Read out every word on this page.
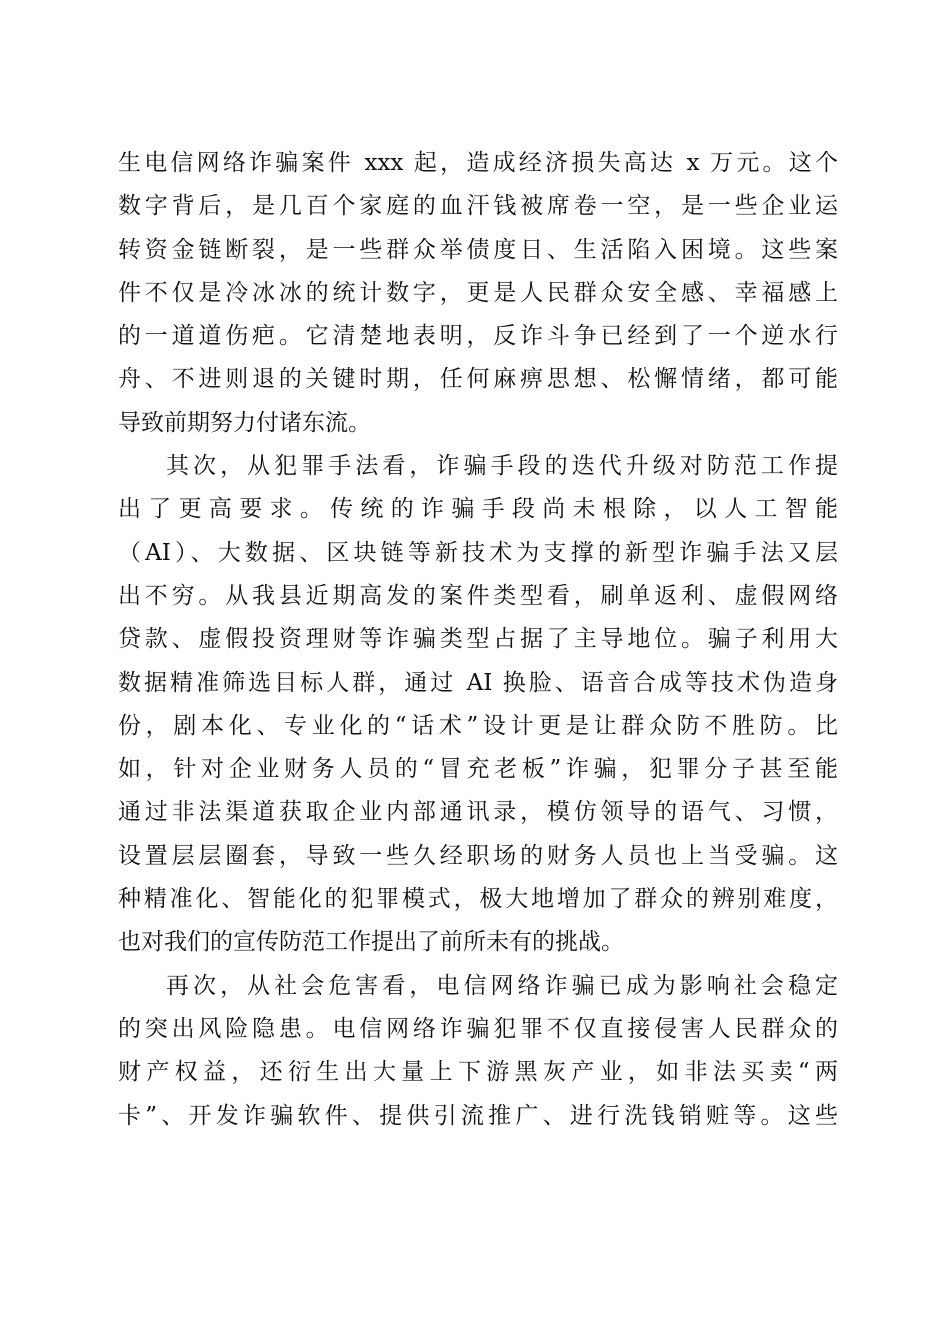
生电信网络诈骗案件 xxx 起，造成经济损失高达 x 万元。这个
数字背后，是几百个家庭的血汗钱被席卷一空，是一些企业运
转资金链断裂，是一些群众举债度日、生活陷入困境。这些案
件不仅是冷冰冰的统计数字，更是人民群众安全感、幸福感上
的一道道伤疤。它清楚地表明，反诈斗争已经到了一个逆水行
舟、不进则退的关键时期，任何麻痹思想、松懈情绪，都可能
导致前期努力付诸东流。
其次，从犯罪手法看，诈骗手段的迭代升级对防范工作提
出了更高要求。传统的诈骗手段尚未根除，以人工智能
（AI）、大数据、区块链等新技术为支撑的新型诈骗手法又层
出不穷。从我县近期高发的案件类型看，刷单返利、虚假网络
贷款、虚假投资理财等诈骗类型占据了主导地位。骗子利用大
数据精准筛选目标人群，通过 AI 换脸、语音合成等技术伪造身
份，剧本化、专业化的“话术”设计更是让群众防不胜防。比
如，针对企业财务人员的“冒充老板”诈骗，犯罪分子甚至能
通过非法渠道获取企业内部通讯录，模仿领导的语气、习惯，
设置层层圈套，导致一些久经职场的财务人员也上当受骗。这
种精准化、智能化的犯罪模式，极大地增加了群众的辨别难度，
也对我们的宣传防范工作提出了前所未有的挑战。
再次，从社会危害看，电信网络诈骗已成为影响社会稳定
的突出风险隐患。电信网络诈骗犯罪不仅直接侵害人民群众的
财产权益，还衍生出大量上下游黑灰产业，如非法买卖“两
卡”、开发诈骗软件、提供引流推广、进行洗钱销赃等。这些
